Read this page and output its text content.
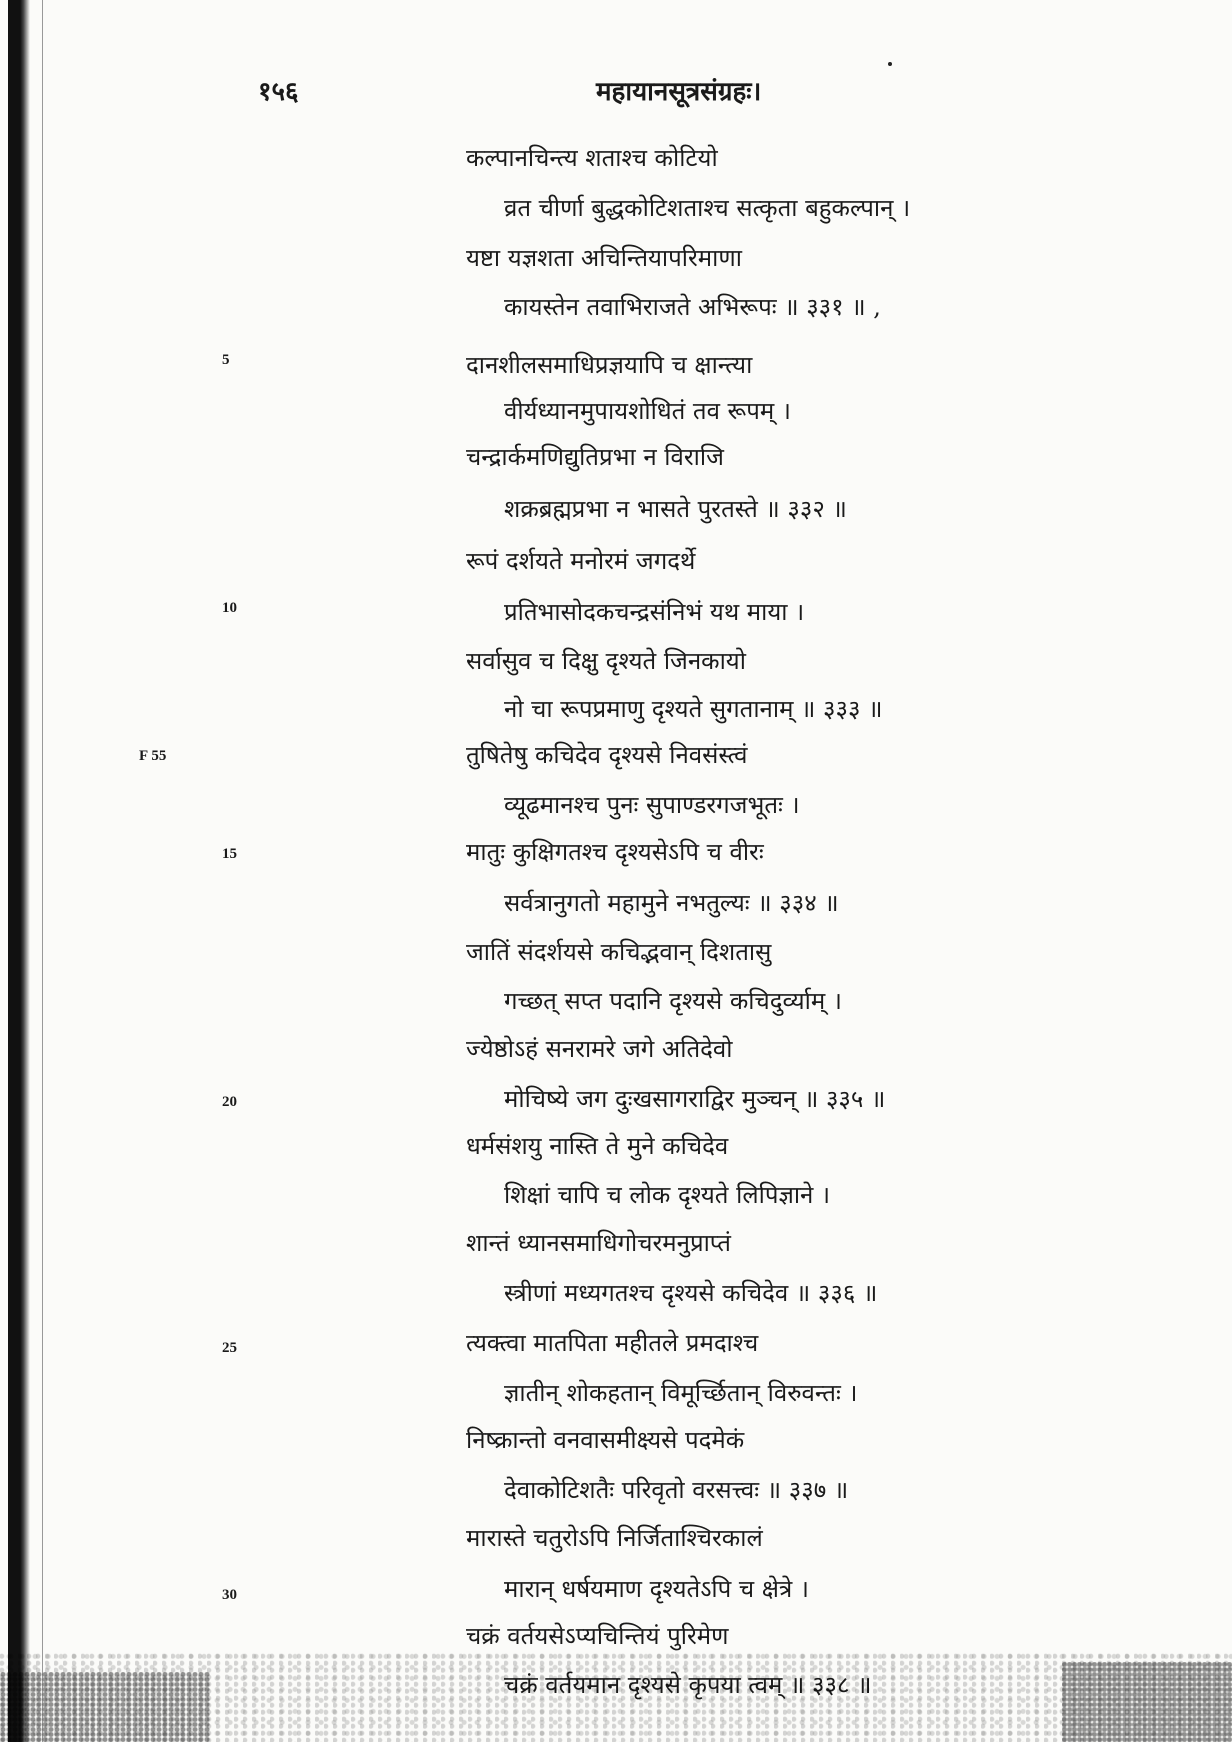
१५६	महायानसूत्रसंग्रहः।
5
10
F 55
15
20
25
30
कल्पानचिन्त्य शताश्च कोटियो
व्रत चीर्णा बुद्धकोटिशताश्च सत्कृता बहुकल्पान् ।
यष्टा यज्ञशता अचिन्तियापरिमाणा
कायस्तेन तवाभिराजते अभिरूपः ॥ ३३१ ॥ ,
दानशीलसमाधिप्रज्ञयापि च क्षान्त्या
वीर्यध्यानमुपायशोधितं तव रूपम् ।
चन्द्रार्कमणिद्युतिप्रभा न विराजि
शक्रब्रह्मप्रभा न भासते पुरतस्ते ॥ ३३२ ॥
रूपं दर्शयते मनोरमं जगदर्थे
प्रतिभासोदकचन्द्रसंनिभं यथ माया ।
सर्वासुव च दिक्षु दृश्यते जिनकायो
नो चा रूपप्रमाणु दृश्यते सुगतानाम् ॥ ३३३ ॥
तुषितेषु कचिदेव दृश्यसे निवसंस्त्वं
व्यूढमानश्च पुनः सुपाण्डरगजभूतः ।
मातुः कुक्षिगतश्च दृश्यसेऽपि च वीरः
सर्वत्रानुगतो महामुने नभतुल्यः ॥ ३३४ ॥
जातिं संदर्शयसे कचिद्भवान् दिशतासु
गच्छत् सप्त पदानि दृश्यसे कचिदुर्व्याम् ।
ज्येष्ठोऽहं सनरामरे जगे अतिदेवो
मोचिष्ये जग दुःखसागराद्विर मुञ्चन् ॥ ३३५ ॥
धर्मसंशयु नास्ति ते मुने कचिदेव
शिक्षां चापि च लोक दृश्यते लिपिज्ञाने ।
शान्तं ध्यानसमाधिगोचरमनुप्राप्तं
स्त्रीणां मध्यगतश्च दृश्यसे कचिदेव ॥ ३३६ ॥
त्यक्त्वा मातपिता महीतले प्रमदाश्च
ज्ञातीन् शोकहतान् विमूर्च्छितान् विरुवन्तः ।
निष्क्रान्तो वनवासमीक्ष्यसे पदमेकं
देवाकोटिशतैः परिवृतो वरसत्त्वः ॥ ३३७ ॥
मारास्ते चतुरोऽपि निर्जिताश्चिरकालं
मारान् धर्षयमाण दृश्यतेऽपि च क्षेत्रे ।
चक्रं वर्तयसेऽप्यचिन्तियं पुरिमेण
चक्रं वर्तयमान दृश्यसे कृपया त्वम् ॥ ३३८ ॥
